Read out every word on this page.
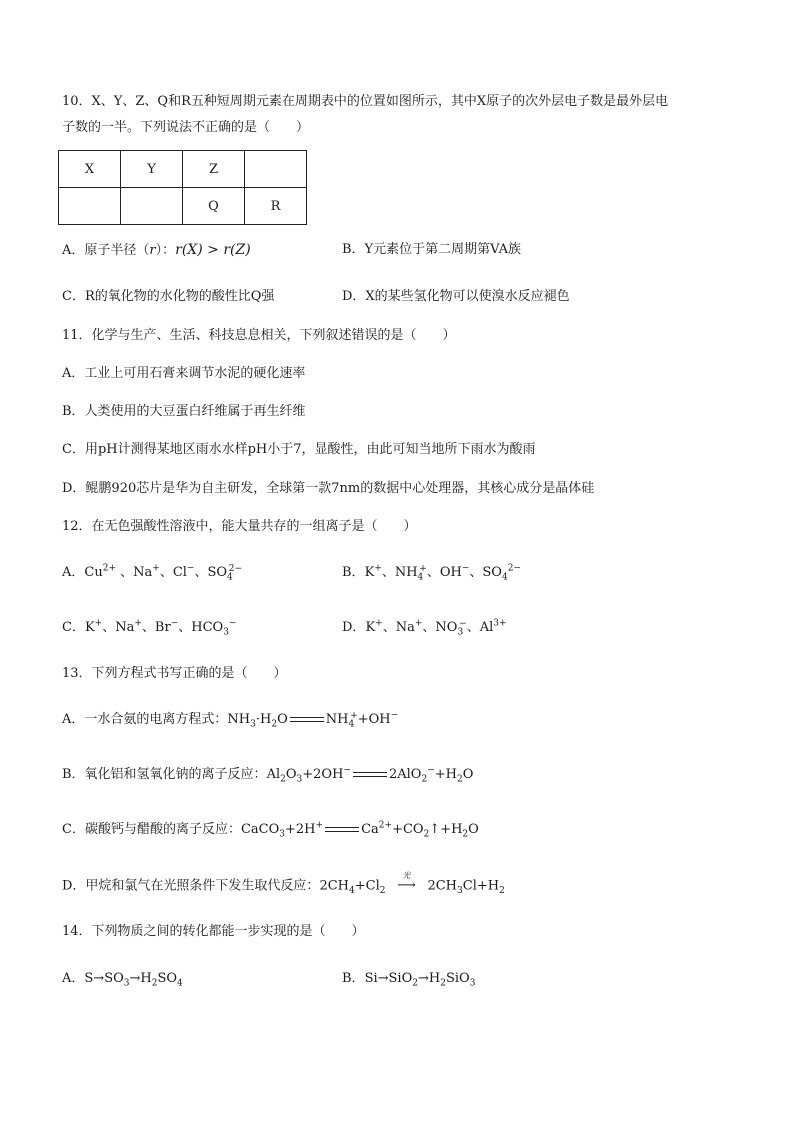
10．X、Y、Z、Q和R五种短周期元素在周期表中的位置如图所示，其中X原子的次外层电子数是最外层电
子数的一半。下列说法不正确的是（　　）
X	Y	Z	
		Q	R
A．原子半径（r）：r(X) > r(Z)	B．Y元素位于第二周期第VA族
C．R的氧化物的水化物的酸性比Q强	D．X的某些氢化物可以使溴水反应褪色
11．化学与生产、生活、科技息息相关，下列叙述错误的是（　　）
A．工业上可用石膏来调节水泥的硬化速率
B．人类使用的大豆蛋白纤维属于再生纤维
C．用pH计测得某地区雨水水样pH小于7，显酸性，由此可知当地所下雨水为酸雨
D．鲲鹏920芯片是华为自主研发，全球第一款7nm的数据中心处理器，其核心成分是晶体硅
12．在无色强酸性溶液中，能大量共存的一组离子是（　　）
A．$Cu^{2+}$ 、Na+、Cl−、$SO_4^{2-}$	B．K+、$NH_4^+$、OH−、$SO_4^{2-}$
C．K+、Na+、Br−、$HCO_3^-$	D．K+、Na+、$NO_3^-$、$Al^{3+}$
13．下列方程式书写正确的是（　　）
A．一水合氨的电离方程式：$NH_3\cdot H_2O$	$NH_4^++OH^-$
B．氧化铝和氢氧化钠的离子反应：$Al_2O_3+2OH^-$	$2AlO_2^-+H_2O$
C．碳酸钙与醋酸的离子反应：CaCO$_3$+2H+	$Ca^{2+}+CO_2↑+H_2O$
D．甲烷和氯气在光照条件下发生取代反应：$2CH_4+Cl_2$
光
⟶ $2CH_3Cl+H_2$
14．下列物质之间的转化都能一步实现的是（　　）
A．$S\to SO_3\to H_2SO_4$	B．$Si\to SiO_2\to H_2SiO_3$
